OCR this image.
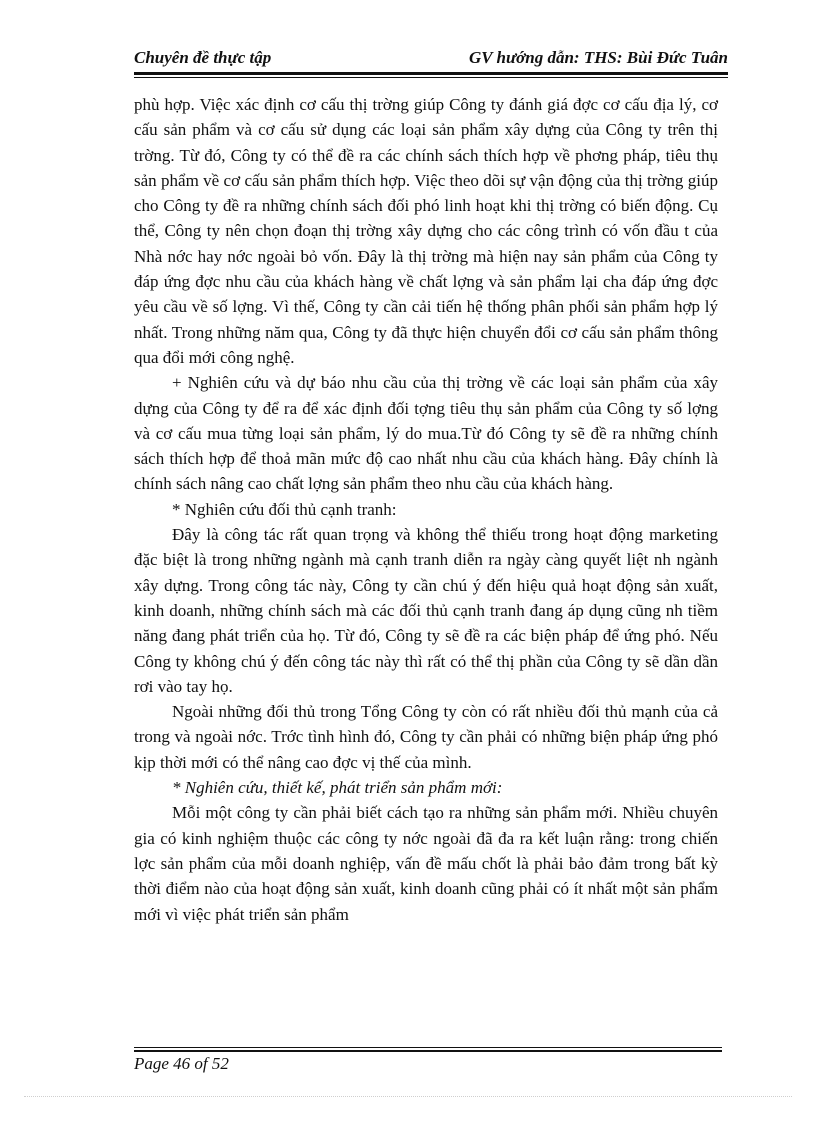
Chuyên đề thực tập	GV hướng dẫn: THS: Bùi Đức Tuân

phù hợp. Việc xác định cơ cấu thị trờng giúp Công ty đánh giá đợc cơ cấu địa lý, cơ cấu sản phẩm và cơ cấu sử dụng các loại sản phẩm xây dựng của Công ty trên thị trờng. Từ đó, Công ty có thể đề ra các chính sách thích hợp về phơng pháp, tiêu thụ sản phẩm về cơ cấu sản phẩm thích hợp. Việc theo dõi sự vận động của thị trờng giúp cho Công ty đề ra những chính sách đối phó linh hoạt khi thị trờng có biến động. Cụ thể, Công ty nên chọn đoạn thị trờng xây dựng cho các công trình có vốn đầu t của Nhà nớc hay nớc ngoài bỏ vốn. Đây là thị trờng mà hiện nay sản phẩm của Công ty đáp ứng đợc nhu cầu của khách hàng về chất lợng và sản phẩm lại cha đáp ứng đợc yêu cầu về số lợng. Vì thế, Công ty cần cải tiến hệ thống phân phối sản phẩm hợp lý nhất. Trong những năm qua, Công ty đã thực hiện chuyển đổi cơ cấu sản phẩm thông qua đổi mới công nghệ.

+ Nghiên cứu và dự báo nhu cầu của thị trờng về các loại sản phẩm của xây dựng của Công ty để ra để xác định đối tợng tiêu thụ sản phẩm của Công ty số lợng và cơ cấu mua từng loại sản phẩm, lý do mua.Từ đó Công ty sẽ đề ra những chính sách thích hợp để thoả mãn mức độ cao nhất nhu cầu của khách hàng. Đây chính là chính sách nâng cao chất lợng sản phẩm theo nhu cầu của khách hàng.

* Nghiên cứu đối thủ cạnh tranh:

Đây là công tác rất quan trọng và không thể thiếu trong hoạt động marketing đặc biệt là trong những ngành mà cạnh tranh diễn ra ngày càng quyết liệt nh ngành xây dựng. Trong công tác này, Công ty cần chú ý đến hiệu quả hoạt động sản xuất, kinh doanh, những chính sách mà các đối thủ cạnh tranh đang áp dụng cũng nh tiềm năng đang phát triển của họ. Từ đó, Công ty sẽ đề ra các biện pháp để ứng phó. Nếu Công ty không chú ý đến công tác này thì rất có thể thị phần của Công ty sẽ dần dần rơi vào tay họ.

Ngoài những đối thủ trong Tổng Công ty còn có rất nhiều đối thủ mạnh của cả trong và ngoài nớc. Trớc tình hình đó, Công ty cần phải có những biện pháp ứng phó kịp thời mới có thể nâng cao đợc vị thế của mình.

* Nghiên cứu, thiết kế, phát triển sản phẩm mới:

Mỗi một công ty cần phải biết cách tạo ra những sản phẩm mới. Nhiều chuyên gia có kinh nghiệm thuộc các công ty nớc ngoài đã đa ra kết luận rằng: trong chiến lợc sản phẩm của mỗi doanh nghiệp, vấn đề mấu chốt là phải bảo đảm trong bất kỳ thời điểm nào của hoạt động sản xuất, kinh doanh cũng phải có ít nhất một sản phẩm mới vì việc phát triển sản phẩm

Page 46 of 52
